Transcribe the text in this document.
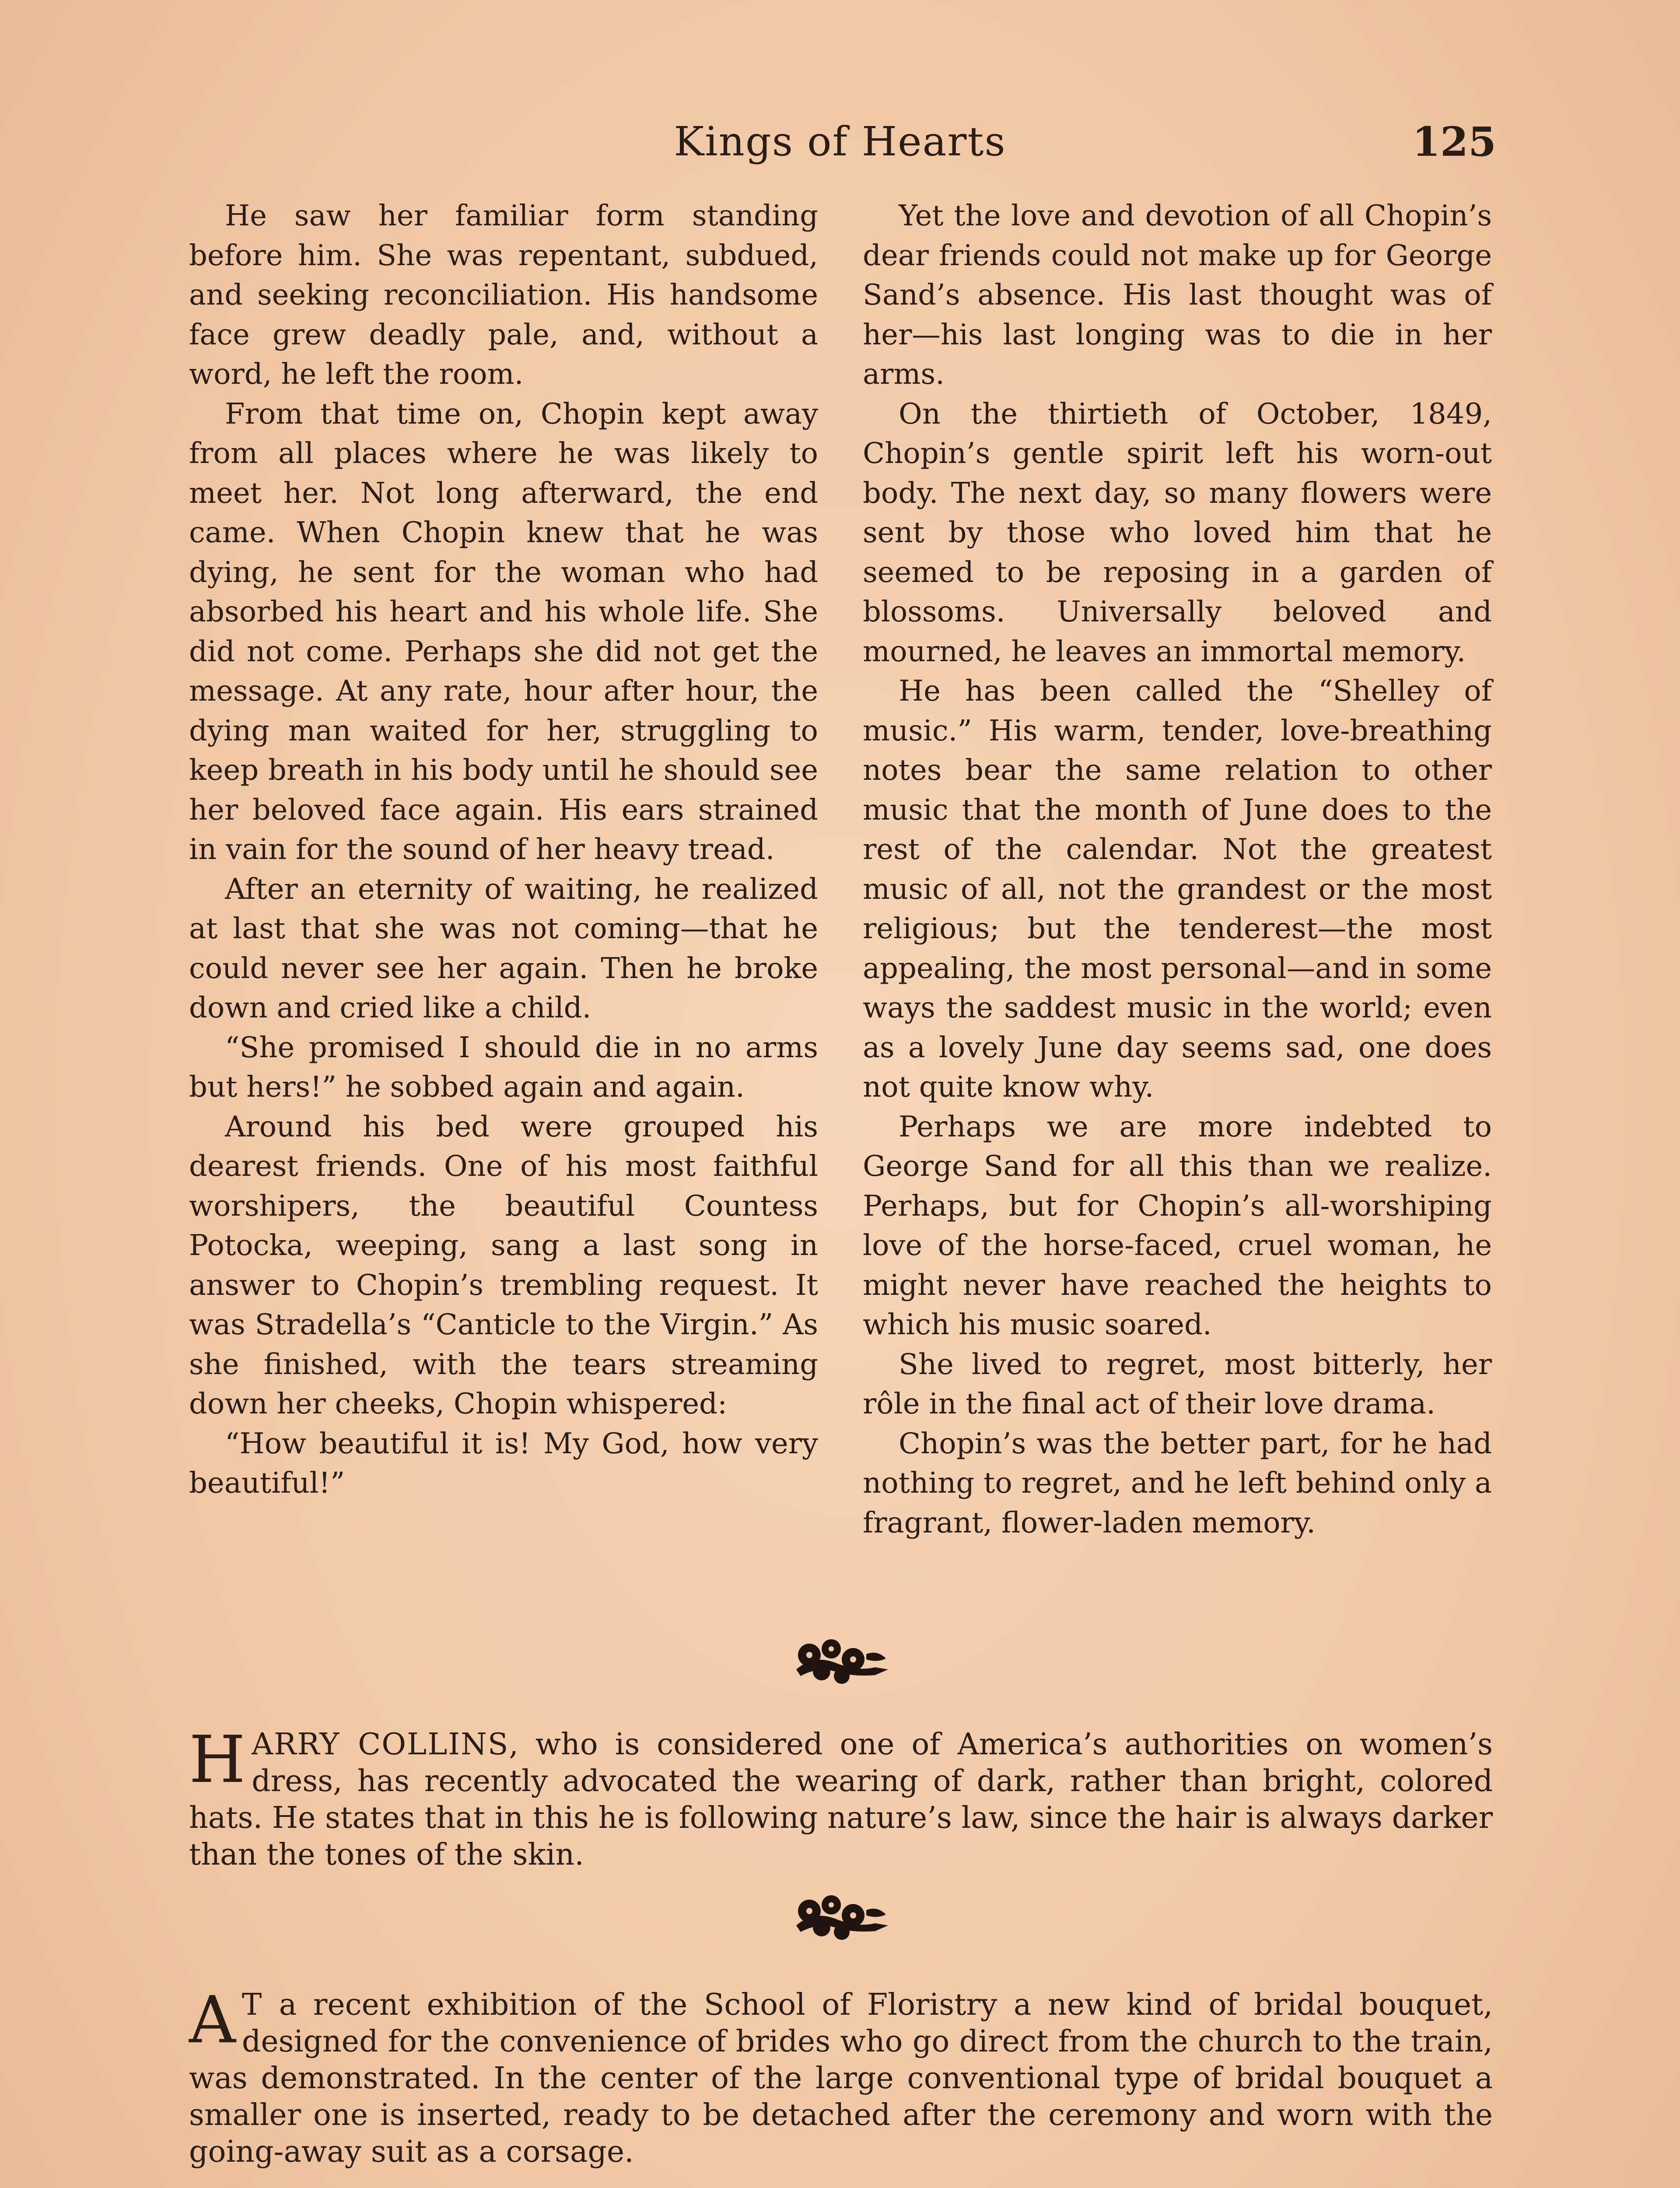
Kings of Hearts	125

He saw her familiar form standing before him. She was repentant, subdued, and seeking reconciliation. His handsome face grew deadly pale, and, without a word, he left the room.

From that time on, Chopin kept away from all places where he was likely to meet her. Not long afterward, the end came. When Chopin knew that he was dying, he sent for the woman who had absorbed his heart and his whole life. She did not come. Perhaps she did not get the message. At any rate, hour after hour, the dying man waited for her, struggling to keep breath in his body until he should see her beloved face again. His ears strained in vain for the sound of her heavy tread.

After an eternity of waiting, he realized at last that she was not coming—that he could never see her again. Then he broke down and cried like a child.

“She promised I should die in no arms but hers!” he sobbed again and again.

Around his bed were grouped his dearest friends. One of his most faithful worshipers, the beautiful Countess Potocka, weeping, sang a last song in answer to Chopin’s trembling request. It was Stradella’s “Canticle to the Virgin.” As she finished, with the tears streaming down her cheeks, Chopin whispered:

“How beautiful it is! My God, how very beautiful!”

Yet the love and devotion of all Chopin’s dear friends could not make up for George Sand’s absence. His last thought was of her—his last longing was to die in her arms.

On the thirtieth of October, 1849, Chopin’s gentle spirit left his worn-out body. The next day, so many flowers were sent by those who loved him that he seemed to be reposing in a garden of blossoms. Universally beloved and mourned, he leaves an immortal memory.

He has been called the “Shelley of music.” His warm, tender, love-breathing notes bear the same relation to other music that the month of June does to the rest of the calendar. Not the greatest music of all, not the grandest or the most religious; but the tenderest—the most appealing, the most personal—and in some ways the saddest music in the world; even as a lovely June day seems sad, one does not quite know why.

Perhaps we are more indebted to George Sand for all this than we realize. Perhaps, but for Chopin’s all-worshiping love of the horse-faced, cruel woman, he might never have reached the heights to which his music soared.

She lived to regret, most bitterly, her rôle in the final act of their love drama.

Chopin’s was the better part, for he had nothing to regret, and he left behind only a fragrant, flower-laden memory.

HARRY COLLINS, who is considered one of America’s authorities on women’s dress, has recently advocated the wearing of dark, rather than bright, colored hats. He states that in this he is following nature’s law, since the hair is always darker than the tones of the skin.
A T a recent exhibition of the School of Floristry a new kind of bridal bouquet, designed for the convenience of brides who go direct from the church to the train, was demonstrated. In the center of the large conventional type of bridal bouquet a smaller one is inserted, ready to be detached after the ceremony and worn with the going-away suit as a corsage.
